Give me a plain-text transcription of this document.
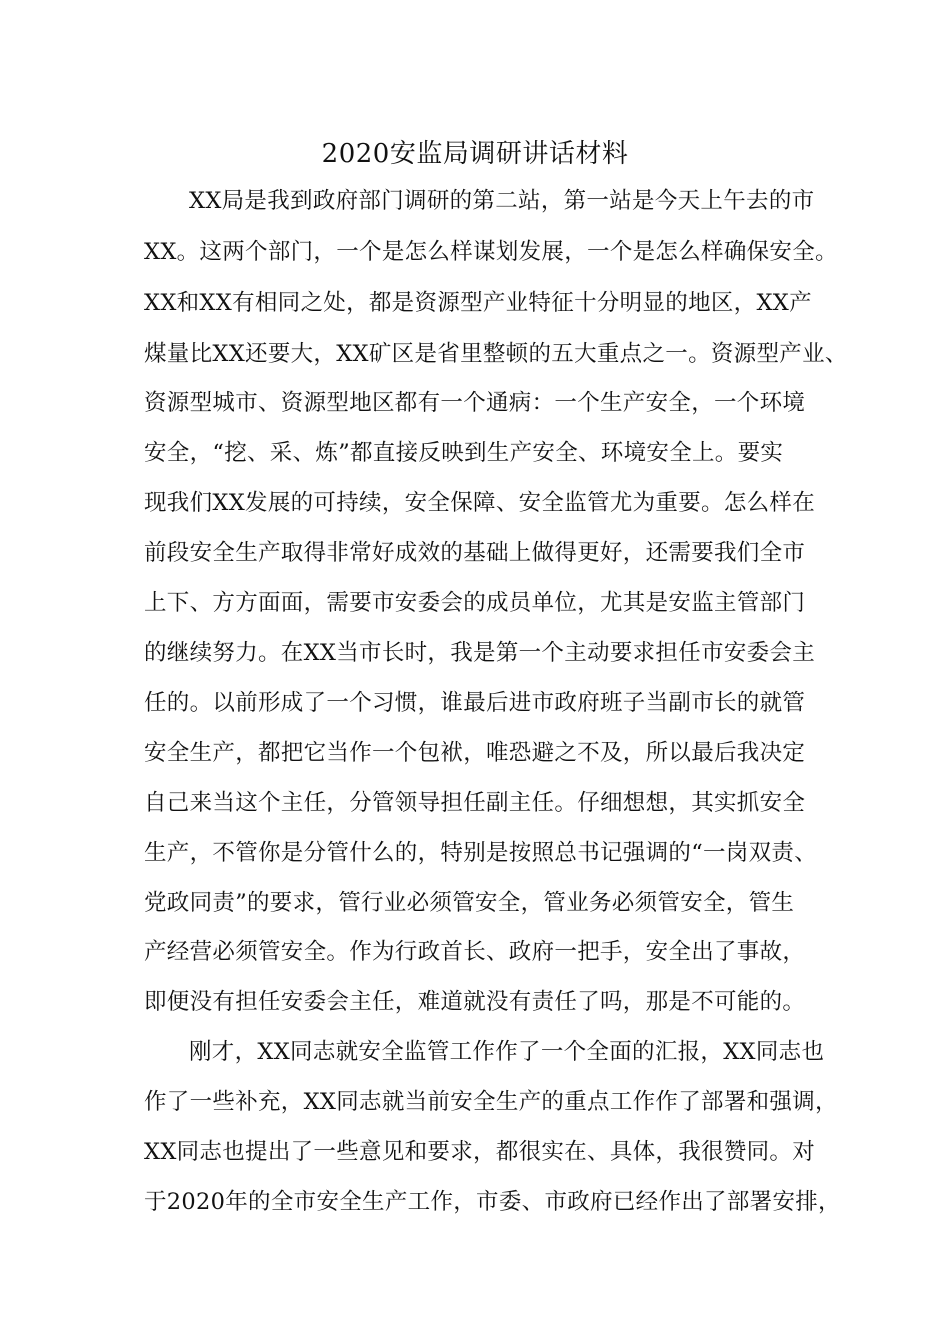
2020安监局调研讲话材料
XX局是我到政府部门调研的第二站，第一站是今天上午去的市
XX。这两个部门，一个是怎么样谋划发展，一个是怎么样确保安全。
XX和XX有相同之处，都是资源型产业特征十分明显的地区，XX产
煤量比XX还要大，XX矿区是省里整顿的五大重点之一。资源型产业、
资源型城市、资源型地区都有一个通病：一个生产安全，一个环境
安全，“挖、采、炼”都直接反映到生产安全、环境安全上。要实
现我们XX发展的可持续，安全保障、安全监管尤为重要。怎么样在
前段安全生产取得非常好成效的基础上做得更好，还需要我们全市
上下、方方面面，需要市安委会的成员单位，尤其是安监主管部门
的继续努力。在XX当市长时，我是第一个主动要求担任市安委会主
任的。以前形成了一个习惯，谁最后进市政府班子当副市长的就管
安全生产，都把它当作一个包袱，唯恐避之不及，所以最后我决定
自己来当这个主任，分管领导担任副主任。仔细想想，其实抓安全
生产，不管你是分管什么的，特别是按照总书记强调的“一岗双责、
党政同责”的要求，管行业必须管安全，管业务必须管安全，管生
产经营必须管安全。作为行政首长、政府一把手，安全出了事故，
即便没有担任安委会主任，难道就没有责任了吗，那是不可能的。
刚才，XX同志就安全监管工作作了一个全面的汇报，XX同志也
作了一些补充，XX同志就当前安全生产的重点工作作了部署和强调，
XX同志也提出了一些意见和要求，都很实在、具体，我很赞同。对
于2020年的全市安全生产工作，市委、市政府已经作出了部署安排，
